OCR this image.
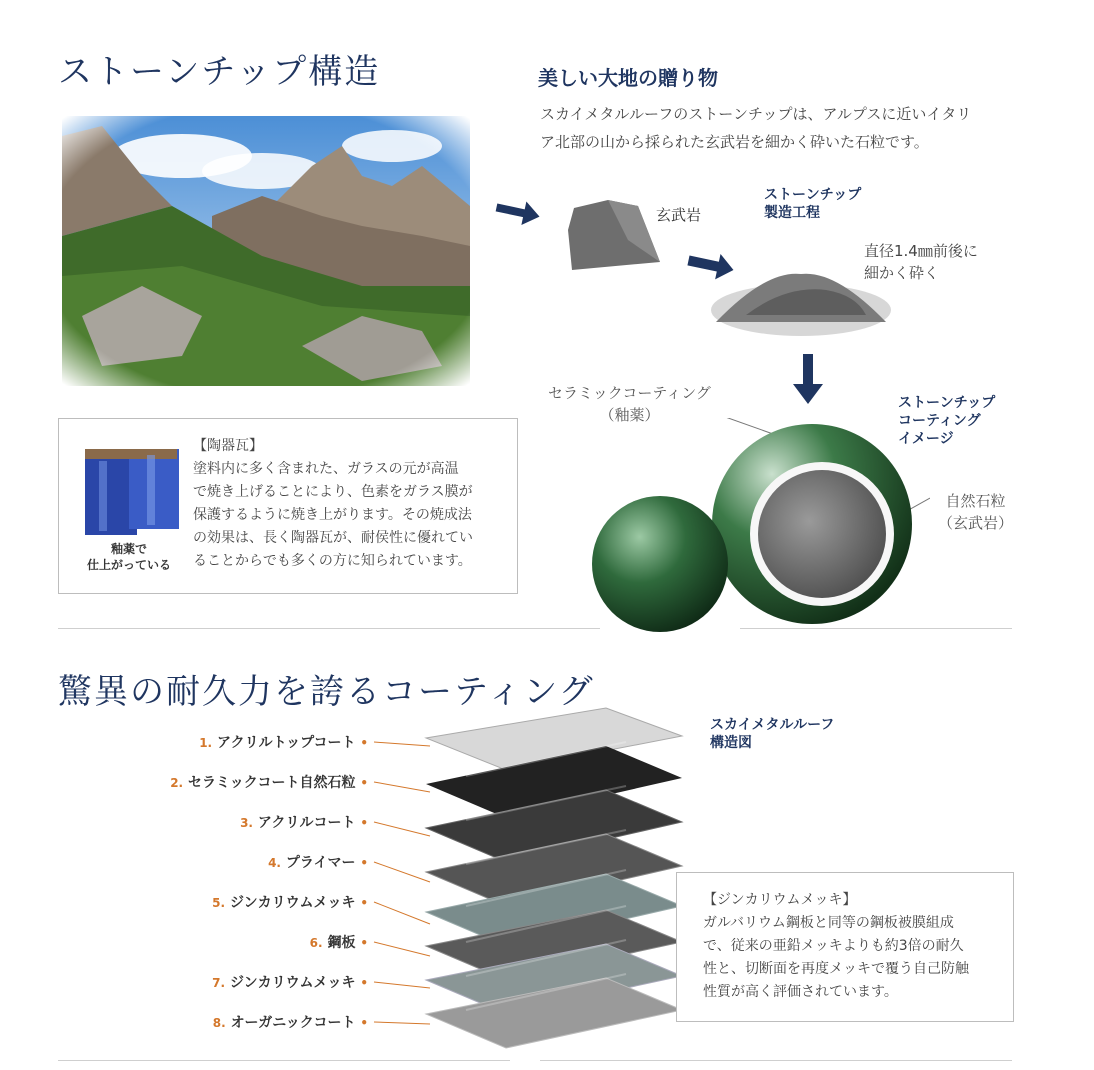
ストーンチップ構造	美しい大地の贈り物
スカイメタルルーフのストーンチップは、アルプスに近いイタリ
ア北部の山から採られた玄武岩を細かく砕いた石粒です。
玄武岩
ストーンチップ
製造工程
直径1.4㎜前後に
細かく砕く
セラミックコーティング
（釉薬）
ストーンチップ
コーティング
イメージ
自然石粒
（玄武岩）
釉薬で
仕上がっている
【陶器瓦】
塗料内に多く含まれた、ガラスの元が高温
で焼き上げることにより、色素をガラス膜が
保護するように焼き上がります。その焼成法
の効果は、長く陶器瓦が、耐侯性に優れてい
ることからでも多くの方に知られています。
驚異の耐久力を誇るコーティング
スカイメタルルーフ
構造図
1. アクリルトップコート •
2. セラミックコート自然石粒 •
3. アクリルコート •
4. プライマー •
5. ジンカリウムメッキ •
6. 鋼板 •
7. ジンカリウムメッキ •
8. オーガニックコート •
【ジンカリウムメッキ】
ガルバリウム鋼板と同等の鋼板被膜組成
で、従来の亜鉛メッキよりも約3倍の耐久
性と、切断面を再度メッキで覆う自己防触
性質が高く評価されています。
